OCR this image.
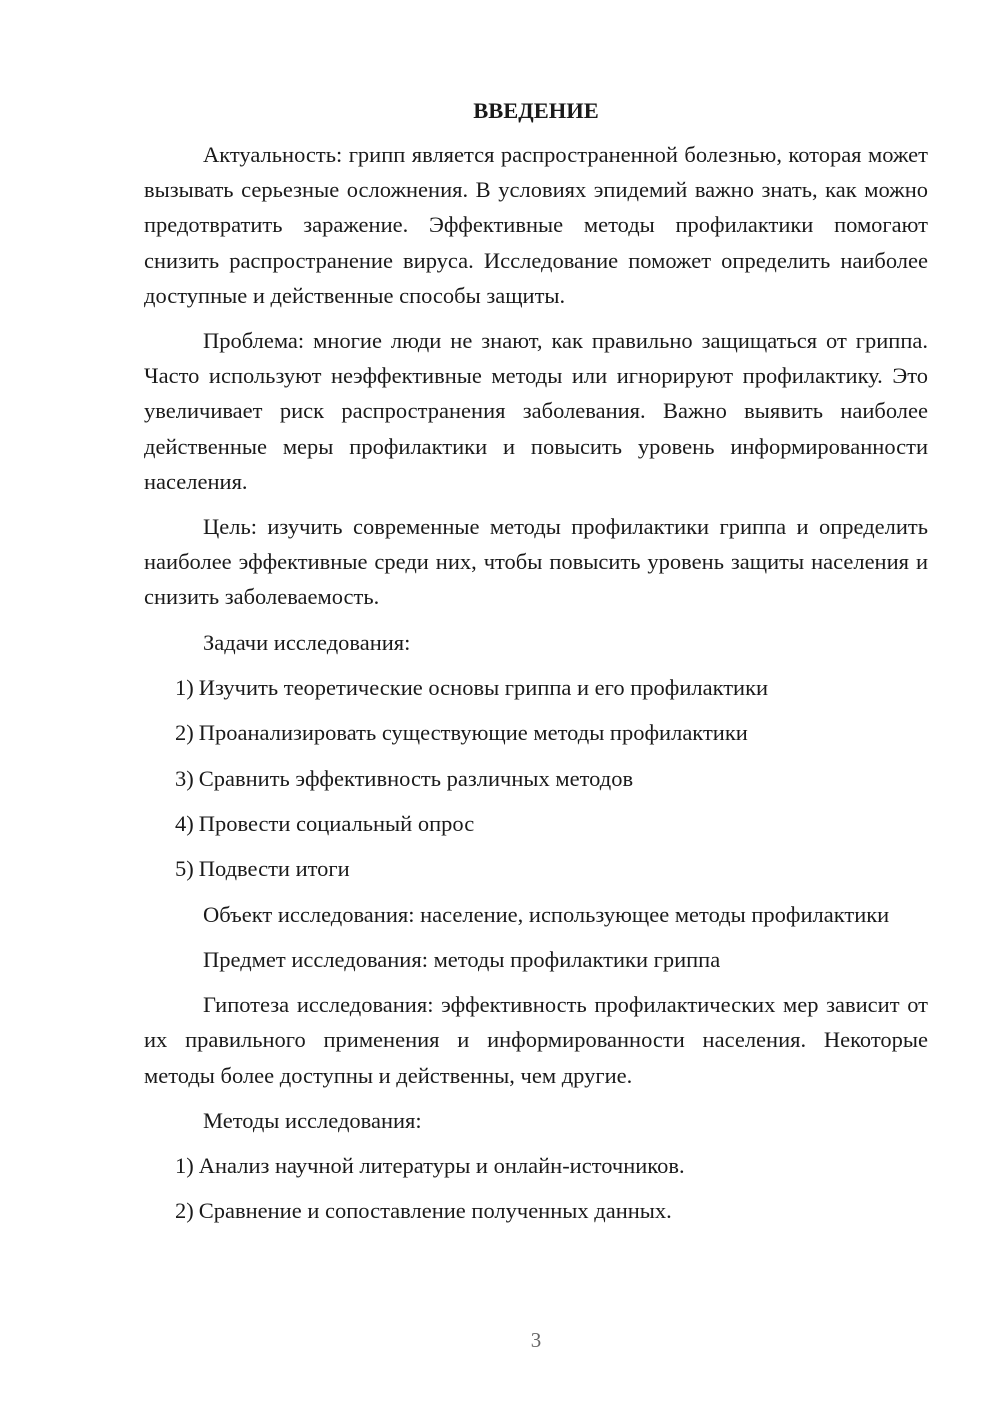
ВВЕДЕНИЕ

Актуальность: грипп является распространенной болезнью, которая может вызывать серьезные осложнения. В условиях эпидемий важно знать, как можно предотвратить заражение. Эффективные методы профилактики помогают снизить распространение вируса. Исследование поможет определить наиболее доступные и действенные способы защиты.

Проблема: многие люди не знают, как правильно защищаться от гриппа. Часто используют неэффективные методы или игнорируют профилактику. Это увеличивает риск распространения заболевания. Важно выявить наиболее действенные меры профилактики и повысить уровень информированности населения.

Цель: изучить современные методы профилактики гриппа и определить наиболее эффективные среди них, чтобы повысить уровень защиты населения и снизить заболеваемость.

Задачи исследования:

1) Изучить теоретические основы гриппа и его профилактики
2) Проанализировать существующие методы профилактики
3) Сравнить эффективность различных методов
4) Провести социальный опрос
5) Подвести итоги

Объект исследования: население, использующее методы профилактики

Предмет исследования: методы профилактики гриппа

Гипотеза исследования: эффективность профилактических мер зависит от их правильного применения и информированности населения. Некоторые методы более доступны и действенны, чем другие.

Методы исследования:

1) Анализ научной литературы и онлайн-источников.
2) Сравнение и сопоставление полученных данных.
3
